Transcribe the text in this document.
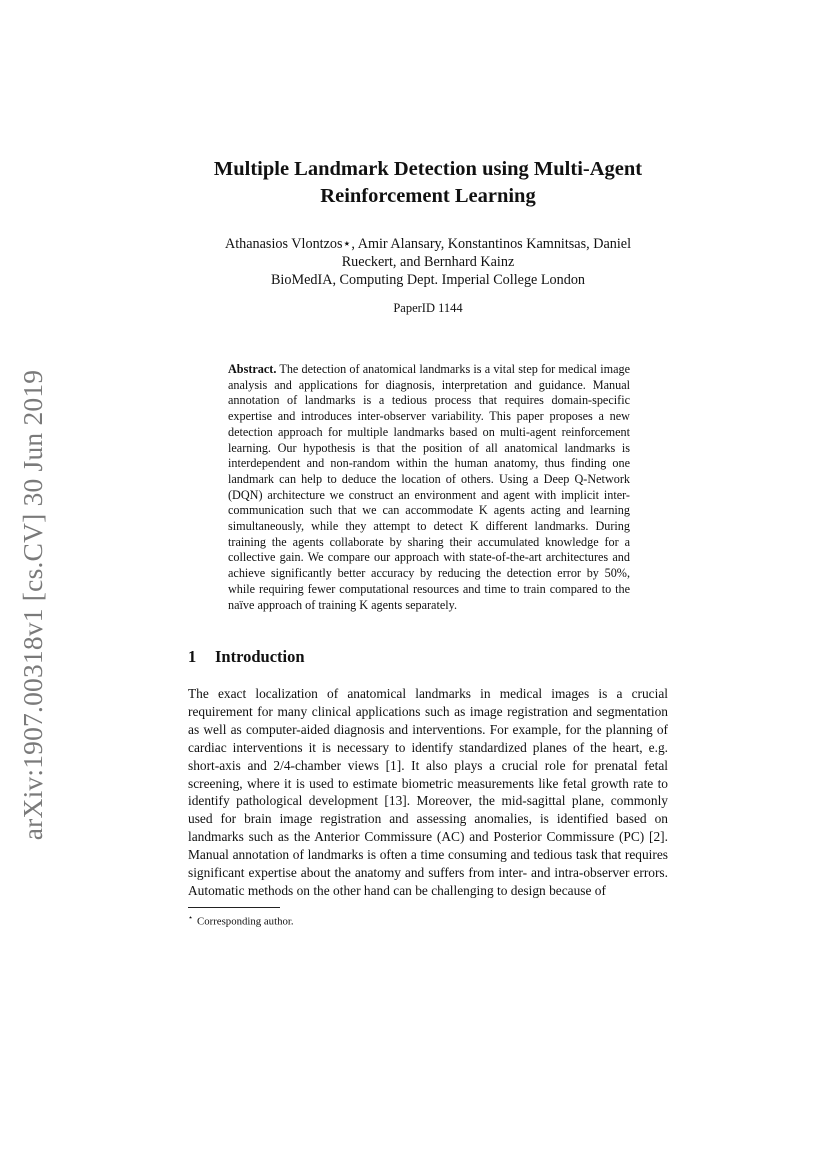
arXiv:1907.00318v1 [cs.CV] 30 Jun 2019
Multiple Landmark Detection using Multi-Agent Reinforcement Learning

Athanasios Vlontzos⋆, Amir Alansary, Konstantinos Kamnitsas, Daniel Rueckert, and Bernhard Kainz

BioMedIA, Computing Dept. Imperial College London

PaperID 1144

Abstract. The detection of anatomical landmarks is a vital step for medical image analysis and applications for diagnosis, interpretation and guidance. Manual annotation of landmarks is a tedious process that requires domain-specific expertise and introduces inter-observer variability. This paper proposes a new detection approach for multiple landmarks based on multi-agent reinforcement learning. Our hypothesis is that the position of all anatomical landmarks is interdependent and non-random within the human anatomy, thus finding one landmark can help to deduce the location of others. Using a Deep Q-Network (DQN) architecture we construct an environment and agent with implicit inter-communication such that we can accommodate K agents acting and learning simultaneously, while they attempt to detect K different landmarks. During training the agents collaborate by sharing their accumulated knowledge for a collective gain. We compare our approach with state-of-the-art architectures and achieve significantly better accuracy by reducing the detection error by 50%, while requiring fewer computational resources and time to train compared to the naïve approach of training K agents separately.

1 Introduction

The exact localization of anatomical landmarks in medical images is a crucial requirement for many clinical applications such as image registration and segmentation as well as computer-aided diagnosis and interventions. For example, for the planning of cardiac interventions it is necessary to identify standardized planes of the heart, e.g. short-axis and 2/4-chamber views [1]. It also plays a crucial role for prenatal fetal screening, where it is used to estimate biometric measurements like fetal growth rate to identify pathological development [13]. Moreover, the mid-sagittal plane, commonly used for brain image registration and assessing anomalies, is identified based on landmarks such as the Anterior Commissure (AC) and Posterior Commissure (PC) [2]. Manual annotation of landmarks is often a time consuming and tedious task that requires significant expertise about the anatomy and suffers from inter- and intra-observer errors. Automatic methods on the other hand can be challenging to design because of

⋆ Corresponding author.
